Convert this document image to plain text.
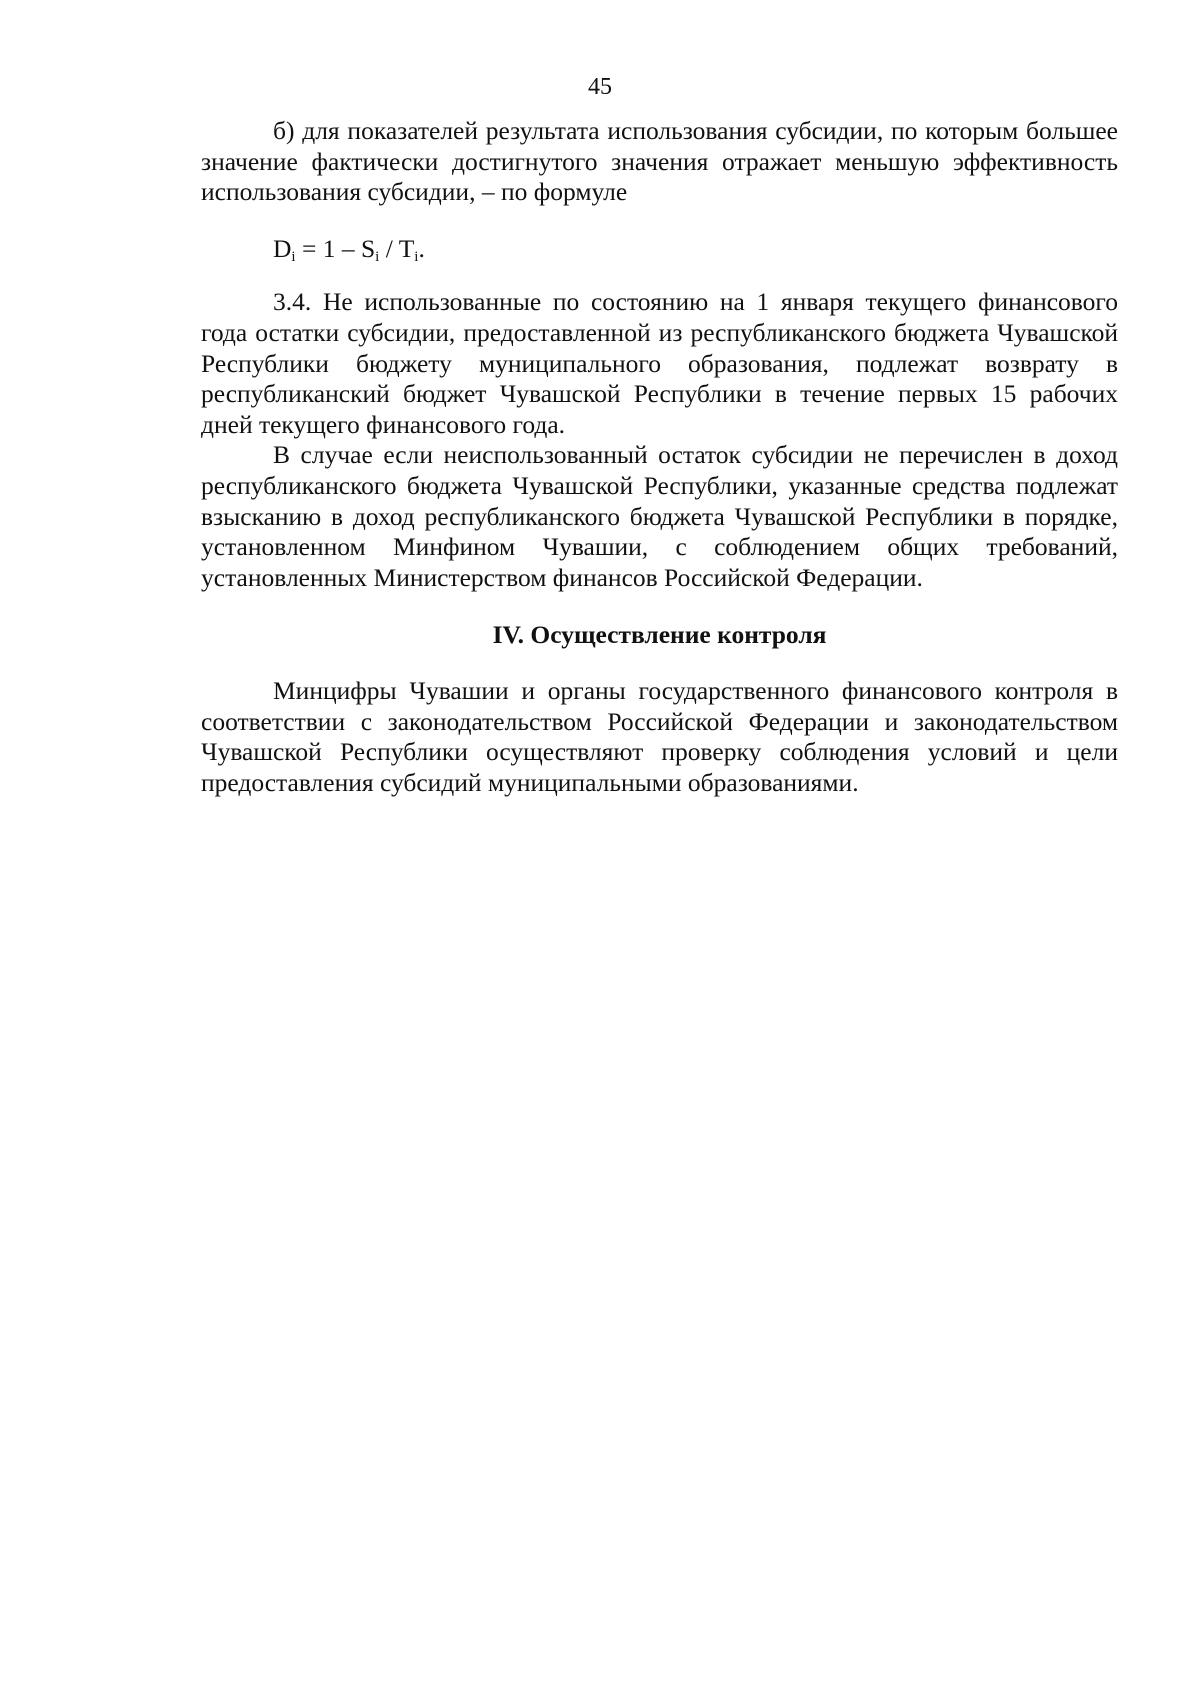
45

б) для показателей результата использования субсидии, по которым большее значение фактически достигнутого значения отражает меньшую эффективность использования субсидии, – по формуле

$D_i = 1 - S_i / T_i$.

3.4. Не использованные по состоянию на 1 января текущего финансового года остатки субсидии, предоставленной из республиканского бюджета Чувашской Республики бюджету муниципального образования, подлежат возврату в республиканский бюджет Чувашской Республики в течение первых 15 рабочих дней текущего финансового года.

В случае если неиспользованный остаток субсидии не перечислен в доход республиканского бюджета Чувашской Республики, указанные средства подлежат взысканию в доход республиканского бюджета Чувашской Республики в порядке, установленном Минфином Чувашии, с соблюдением общих требований, установленных Министерством финансов Российской Федерации.

IV. Осуществление контроля

Минцифры Чувашии и органы государственного финансового контроля в соответствии с законодательством Российской Федерации и законодательством Чувашской Республики осуществляют проверку соблюдения условий и цели предоставления субсидий муниципальными образованиями.
